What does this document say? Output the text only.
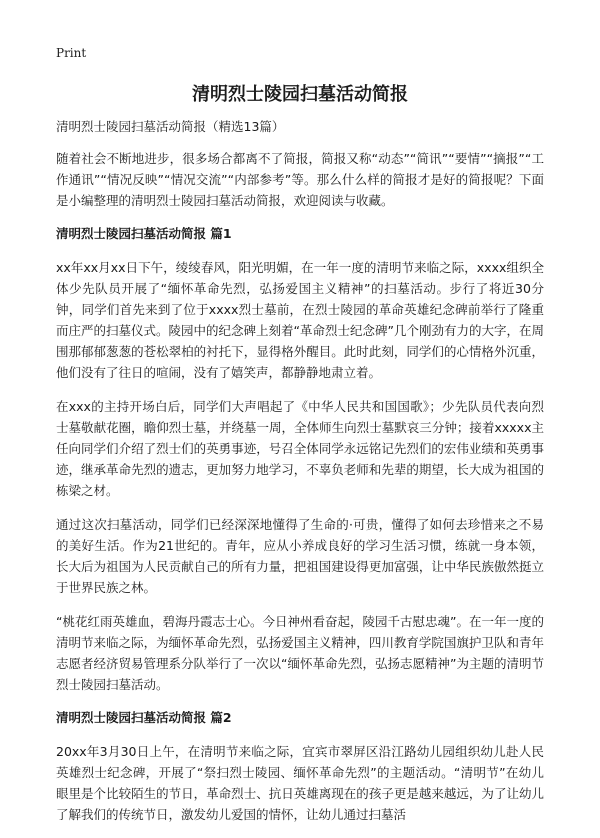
Print
清明烈士陵园扫墓活动简报

清明烈士陵园扫墓活动简报（精选13篇）

随着社会不断地进步，很多场合都离不了简报，简报又称“动态”“简讯”“要情”“摘报”“工作通讯”“情况反映”“情况交流”“内部参考”等。那么什么样的简报才是好的简报呢？下面是小编整理的清明烈士陵园扫墓活动简报，欢迎阅读与收藏。

清明烈士陵园扫墓活动简报 篇1

xx年xx月xx日下午，绫绫春风，阳光明媚，在一年一度的清明节来临之际，xxxx组织全体少先队员开展了“缅怀革命先烈，弘扬爱国主义精神”的扫墓活动。步行了将近30分钟，同学们首先来到了位于xxxx烈士墓前，在烈士陵园的革命英雄纪念碑前举行了隆重而庄严的扫墓仪式。陵园中的纪念碑上刻着“革命烈士纪念碑”几个刚劲有力的大字，在周围那郁郁葱葱的苍松翠柏的衬托下，显得格外醒目。此时此刻，同学们的心情格外沉重，他们没有了往日的喧闹，没有了嬉笑声，都静静地肃立着。

在xxx的主持开场白后，同学们大声唱起了《中华人民共和国国歌》；少先队员代表向烈士墓敬献花圈，瞻仰烈士墓，并绕墓一周，全体师生向烈士墓默哀三分钟；接着xxxxx主任向同学们介绍了烈士们的英勇事迹，号召全体同学永远铭记先烈们的宏伟业绩和英勇事迹，继承革命先烈的遗志，更加努力地学习，不辜负老师和先辈的期望，长大成为祖国的栋梁之材。

通过这次扫墓活动，同学们已经深深地懂得了生命的·可贵，懂得了如何去珍惜来之不易的美好生活。作为21世纪的。青年，应从小养成良好的学习生活习惯，练就一身本领，长大后为祖国为人民贡献自己的所有力量，把祖国建设得更加富强，让中华民族傲然挺立于世界民族之林。

“桃花红雨英雄血，碧海丹霞志士心。今日神州看奋起，陵园千古慰忠魂”。在一年一度的清明节来临之际，为缅怀革命先烈，弘扬爱国主义精神，四川教育学院国旗护卫队和青年志愿者经济贸易管理系分队举行了一次以“缅怀革命先烈，弘扬志愿精神”为主题的清明节烈士陵园扫墓活动。

清明烈士陵园扫墓活动简报 篇2

20xx年3月30日上午，在清明节来临之际，宜宾市翠屏区沿江路幼儿园组织幼儿赴人民英雄烈士纪念碑，开展了“祭扫烈士陵园、缅怀革命先烈”的主题活动。“清明节”在幼儿眼里是个比较陌生的节日，革命烈士、抗日英雄离现在的孩子更是越来越远，为了让幼儿了解我们的传统节日，激发幼儿爱国的情怀，让幼儿通过扫墓活
